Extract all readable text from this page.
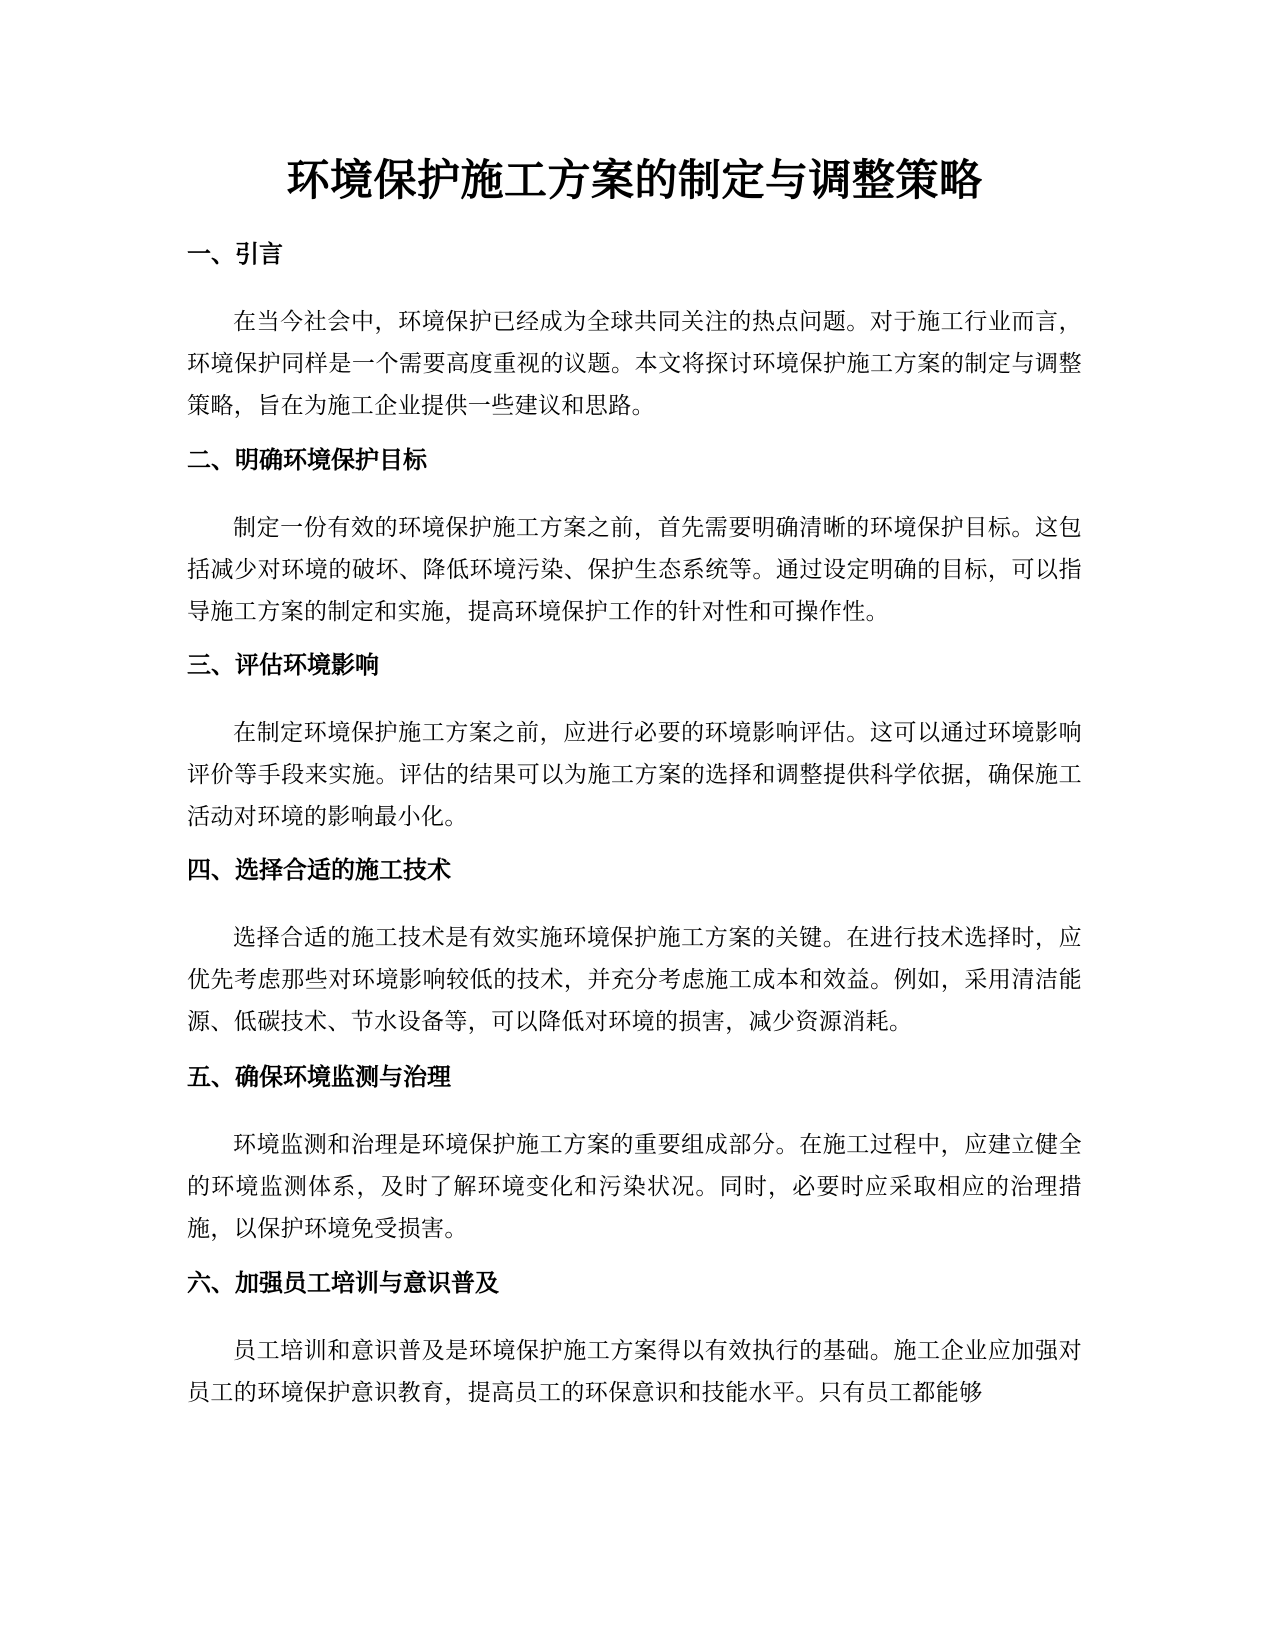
环境保护施工方案的制定与调整策略
一、引言

在当今社会中，环境保护已经成为全球共同关注的热点问题。对于施工行业而言，环境保护同样是一个需要高度重视的议题。本文将探讨环境保护施工方案的制定与调整策略，旨在为施工企业提供一些建议和思路。

二、明确环境保护目标

制定一份有效的环境保护施工方案之前，首先需要明确清晰的环境保护目标。这包括减少对环境的破坏、降低环境污染、保护生态系统等。通过设定明确的目标，可以指导施工方案的制定和实施，提高环境保护工作的针对性和可操作性。

三、评估环境影响

在制定环境保护施工方案之前，应进行必要的环境影响评估。这可以通过环境影响评价等手段来实施。评估的结果可以为施工方案的选择和调整提供科学依据，确保施工活动对环境的影响最小化。

四、选择合适的施工技术

选择合适的施工技术是有效实施环境保护施工方案的关键。在进行技术选择时，应优先考虑那些对环境影响较低的技术，并充分考虑施工成本和效益。例如，采用清洁能源、低碳技术、节水设备等，可以降低对环境的损害，减少资源消耗。

五、确保环境监测与治理

环境监测和治理是环境保护施工方案的重要组成部分。在施工过程中，应建立健全的环境监测体系，及时了解环境变化和污染状况。同时，必要时应采取相应的治理措施，以保护环境免受损害。

六、加强员工培训与意识普及

员工培训和意识普及是环境保护施工方案得以有效执行的基础。施工企业应加强对员工的环境保护意识教育，提高员工的环保意识和技能水平。只有员工都能够
